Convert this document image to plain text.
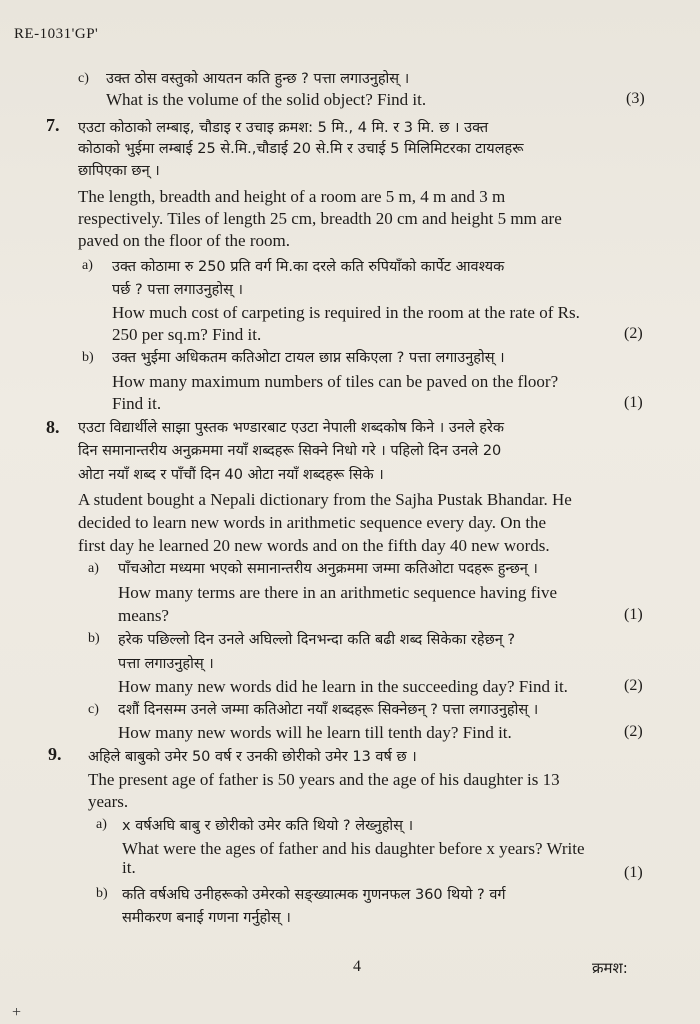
RE-1031'GP'
c) उक्त ठोस वस्तुको आयतन कति हुन्छ ? पत्ता लगाउनुहोस् ।
What is the volume of the solid object? Find it.	(3)
7. एउटा कोठाको लम्बाइ, चौडाइ र उचाइ क्रमश: 5 मि., 4 मि. र 3 मि. छ । उक्त
कोठाको भुईमा लम्बाई 25 से.मि.,चौडाई 20 से.मि र उचाई 5 मिलिमिटरका टायलहरू
छापिएका छन् ।
The length, breadth and height of a room are 5 m, 4 m and 3 m
respectively. Tiles of length 25 cm, breadth 20 cm and height 5 mm are
paved on the floor of the room.
a) उक्त कोठामा रु 250 प्रति वर्ग मि.का दरले कति रुपियाँको कार्पेट आवश्यक
पर्छ ? पत्ता लगाउनुहोस् ।
How much cost of carpeting is required in the room at the rate of Rs.
250 per sq.m? Find it.	(2)
b) उक्त भुईमा अधिकतम कतिओटा टायल छाप्न सकिएला ? पत्ता लगाउनुहोस् ।
How many maximum numbers of tiles can be paved on the floor?
Find it.	(1)
8. एउटा विद्यार्थीले साझा पुस्तक भण्डारबाट एउटा नेपाली शब्दकोष किने । उनले हरेक
दिन समानान्तरीय अनुक्रममा नयाँ शब्दहरू सिक्ने निधो गरे । पहिलो दिन उनले 20
ओटा नयाँ शब्द र पाँचौं दिन 40 ओटा नयाँ शब्दहरू सिके ।
A student bought a Nepali dictionary from the Sajha Pustak Bhandar. He
decided to learn new words in arithmetic sequence every day. On the
first day he learned 20 new words and on the fifth day 40 new words.
a) पाँचओटा मध्यमा भएको समानान्तरीय अनुक्रममा जम्मा कतिओटा पदहरू हुन्छन् ।
How many terms are there in an arithmetic sequence having five
means?	(1)
b) हरेक पछिल्लो दिन उनले अघिल्लो दिनभन्दा कति बढी शब्द सिकेका रहेछन् ?
पत्ता लगाउनुहोस् ।
How many new words did he learn in the succeeding day? Find it.	(2)
c) दशौं दिनसम्म उनले जम्मा कतिओटा नयाँ शब्दहरू सिक्नेछन् ? पत्ता लगाउनुहोस् ।
How many new words will he learn till tenth day? Find it.	(2)
9. अहिले बाबुको उमेर 50 वर्ष र उनकी छोरीको उमेर 13 वर्ष छ ।
The present age of father is 50 years and the age of his daughter is 13
years.
a) x वर्षअघि बाबु र छोरीको उमेर कति थियो ? लेख्नुहोस् ।
What were the ages of father and his daughter before x years? Write
it.	(1)
b) कति वर्षअघि उनीहरूको उमेरको सङ्ख्यात्मक गुणनफल 360 थियो ? वर्ग
समीकरण बनाई गणना गर्नुहोस् ।
4	क्रमश:
+
